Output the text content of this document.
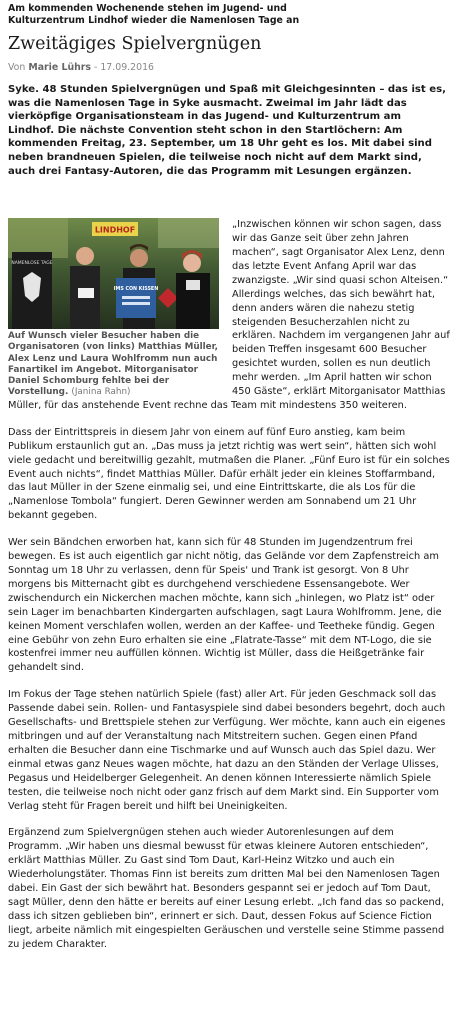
Am kommenden Wochenende stehen im Jugend- und Kulturzentrum Lindhof wieder die Namenlosen Tage an
Zweitägiges Spielvergnügen
Von Marie Lührs - 17.09.2016
Syke. 48 Stunden Spielvergnügen und Spaß mit Gleichgesinnten – das ist es, was die Namenlosen Tage in Syke ausmacht. Zweimal im Jahr lädt das vierköpfige Organisationsteam in das Jugend- und Kulturzentrum am Lindhof. Die nächste Convention steht schon in den Startlöchern: Am kommenden Freitag, 23. September, um 18 Uhr geht es los. Mit dabei sind neben brandneuen Spielen, die teilweise noch nicht auf dem Markt sind, auch drei Fantasy-Autoren, die das Programm mit Lesungen ergänzen.
LINDHOF
NAMENLOSE TAGE
IMS CON KISSEN
Auf Wunsch vieler Besucher haben die Organisatoren (von links) Matthias Müller, Alex Lenz und Laura Wohlfromm nun auch Fanartikel im Angebot. Mitorganisator Daniel Schomburg fehlte bei der Vorstellung. (Janina Rahn)

„Inzwischen können wir schon sagen, dass wir das Ganze seit über zehn Jahren machen“, sagt Organisator Alex Lenz, denn das letzte Event Anfang April war das zwanzigste. „Wir sind quasi schon Alteisen.“ Allerdings welches, das sich bewährt hat, denn anders wären die nahezu stetig steigenden Besucherzahlen nicht zu erklären. Nachdem im vergangenen Jahr auf beiden Treffen insgesamt 600 Besucher gesichtet wurden, sollen es nun deutlich mehr werden. „Im April hatten wir schon 450 Gäste“, erklärt Mitorganisator Matthias Müller, für das anstehende Event rechne das Team mit mindestens 350 weiteren.

Dass der Eintrittspreis in diesem Jahr von einem auf fünf Euro anstieg, kam beim Publikum erstaunlich gut an. „Das muss ja jetzt richtig was wert sein“, hätten sich wohl viele gedacht und bereitwillig gezahlt, mutmaßen die Planer. „Fünf Euro ist für ein solches Event auch nichts“, findet Matthias Müller. Dafür erhält jeder ein kleines Stoffarmband, das laut Müller in der Szene einmalig sei, und eine Eintrittskarte, die als Los für die „Namenlose Tombola“ fungiert. Deren Gewinner werden am Sonnabend um 21 Uhr bekannt gegeben.

Wer sein Bändchen erworben hat, kann sich für 48 Stunden im Jugendzentrum frei bewegen. Es ist auch eigentlich gar nicht nötig, das Gelände vor dem Zapfenstreich am Sonntag um 18 Uhr zu verlassen, denn für Speis' und Trank ist gesorgt. Von 8 Uhr morgens bis Mitternacht gibt es durchgehend verschiedene Essensangebote. Wer zwischendurch ein Nickerchen machen möchte, kann sich „hinlegen, wo Platz ist“ oder sein Lager im benachbarten Kindergarten aufschlagen, sagt Laura Wohlfromm. Jene, die keinen Moment verschlafen wollen, werden an der Kaffee- und Teetheke fündig. Gegen eine Gebühr von zehn Euro erhalten sie eine „Flatrate-Tasse“ mit dem NT-Logo, die sie kostenfrei immer neu auffüllen können. Wichtig ist Müller, dass die Heißgetränke fair gehandelt sind.

Im Fokus der Tage stehen natürlich Spiele (fast) aller Art. Für jeden Geschmack soll das Passende dabei sein. Rollen- und Fantasyspiele sind dabei besonders begehrt, doch auch Gesellschafts- und Brettspiele stehen zur Verfügung. Wer möchte, kann auch ein eigenes mitbringen und auf der Veranstaltung nach Mitstreitern suchen. Gegen einen Pfand erhalten die Besucher dann eine Tischmarke und auf Wunsch auch das Spiel dazu. Wer einmal etwas ganz Neues wagen möchte, hat dazu an den Ständen der Verlage Ulisses, Pegasus und Heidelberger Gelegenheit. An denen können Interessierte nämlich Spiele testen, die teilweise noch nicht oder ganz frisch auf dem Markt sind. Ein Supporter vom Verlag steht für Fragen bereit und hilft bei Uneinigkeiten.

Ergänzend zum Spielvergnügen stehen auch wieder Autorenlesungen auf dem Programm. „Wir haben uns diesmal bewusst für etwas kleinere Autoren entschieden“, erklärt Matthias Müller. Zu Gast sind Tom Daut, Karl-Heinz Witzko und auch ein Wiederholungstäter. Thomas Finn ist bereits zum dritten Mal bei den Namenlosen Tagen dabei. Ein Gast der sich bewährt hat. Besonders gespannt sei er jedoch auf Tom Daut, sagt Müller, denn den hätte er bereits auf einer Lesung erlebt. „Ich fand das so packend, dass ich sitzen geblieben bin“, erinnert er sich. Daut, dessen Fokus auf Science Fiction liegt, arbeite nämlich mit eingespielten Geräuschen und verstelle seine Stimme passend zu jedem Charakter.
